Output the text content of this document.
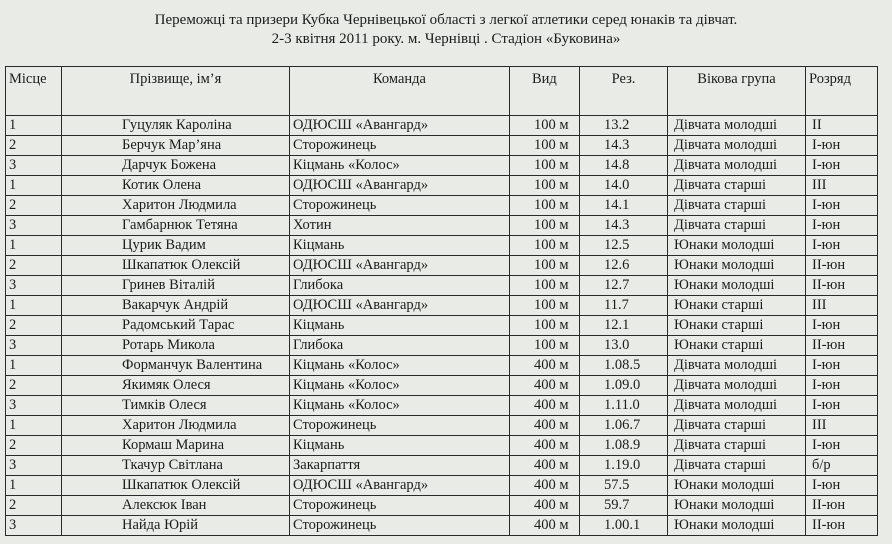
Переможці та призери Кубка Чернівецької області з легкої атлетики серед юнаків та дівчат.
2-3 квітня 2011 року. м. Чернівці . Стадіон «Буковина»
Місце	Прізвище, ім’я	Команда	Вид	Рез.	Вікова група	Розряд
1	Гуцуляк Кароліна	ОДЮСШ «Авангард»	100 м	13.2	Дівчата молодші	II
2	Берчук Мар’яна	Сторожинець	100 м	14.3	Дівчата молодші	I-юн
3	Дарчук Божена	Кіцмань «Колос»	100 м	14.8	Дівчата молодші	I-юн
1	Котик Олена	ОДЮСШ «Авангард»	100 м	14.0	Дівчата старші	III
2	Харитон Людмила	Сторожинець	100 м	14.1	Дівчата старші	I-юн
3	Гамбарнюк Тетяна	Хотин	100 м	14.3	Дівчата старші	I-юн
1	Цурик Вадим	Кіцмань	100 м	12.5	Юнаки молодші	I-юн
2	Шкапатюк Олексій	ОДЮСШ «Авангард»	100 м	12.6	Юнаки молодші	II-юн
3	Гринев Віталій	Глибока	100 м	12.7	Юнаки молодші	II-юн
1	Вакарчук Андрій	ОДЮСШ «Авангард»	100 м	11.7	Юнаки старші	III
2	Радомський Тарас	Кіцмань	100 м	12.1	Юнаки старші	I-юн
3	Ротарь Микола	Глибока	100 м	13.0	Юнаки старші	II-юн
1	Форманчук Валентина	Кіцмань «Колос»	400 м	1.08.5	Дівчата молодші	I-юн
2	Якимяк Олеся	Кіцмань «Колос»	400 м	1.09.0	Дівчата молодші	I-юн
3	Тимків Олеся	Кіцмань «Колос»	400 м	1.11.0	Дівчата молодші	I-юн
1	Харитон Людмила	Сторожинець	400 м	1.06.7	Дівчата старші	III
2	Кормаш Марина	Кіцмань	400 м	1.08.9	Дівчата старші	I-юн
3	Ткачур Світлана	Закарпаття	400 м	1.19.0	Дівчата старші	б/р
1	Шкапатюк Олексій	ОДЮСШ «Авангард»	400 м	57.5	Юнаки молодші	I-юн
2	Алексюк Іван	Сторожинець	400 м	59.7	Юнаки молодші	II-юн
3	Найда Юрій	Сторожинець	400 м	1.00.1	Юнаки молодші	II-юн
